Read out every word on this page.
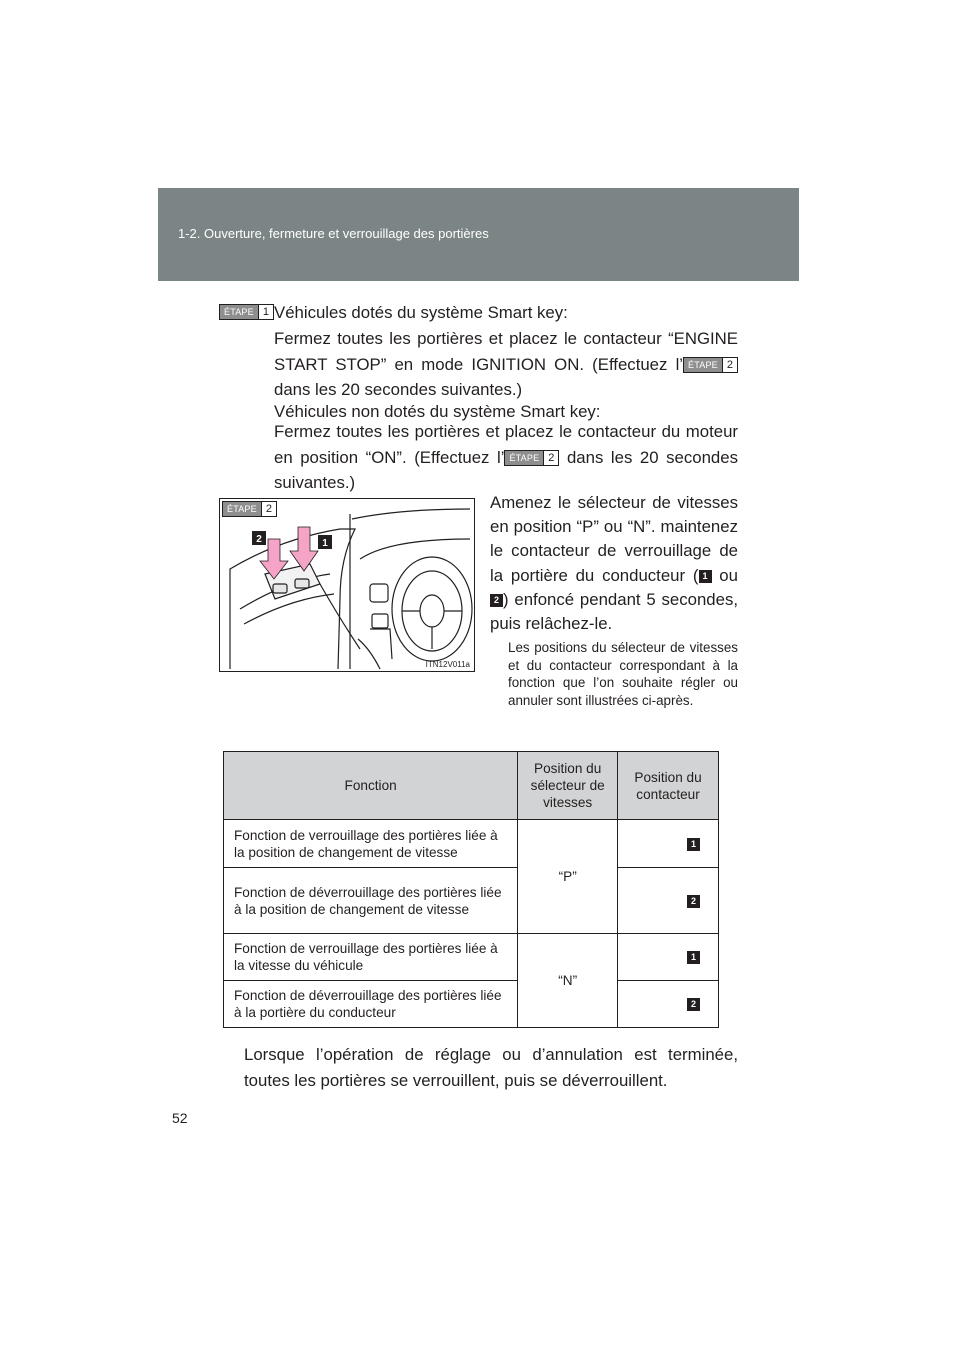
1-2. Ouverture, fermeture et verrouillage des portières
ÉTAPE 1 Véhicules dotés du système Smart key:
Fermez toutes les portières et placez le contacteur “ENGINE START STOP” en mode IGNITION ON. (Effectuez l’ ÉTAPE 2
dans les 20 secondes suivantes.)
Véhicules non dotés du système Smart key:
Fermez toutes les portières et placez le contacteur du moteur en position “ON”. (Effectuez l’ ÉTAPE 2 dans les 20 secondes suivantes.)
ÉTAPE 2
2	1
ITN12V011a
Amenez le sélecteur de vitesses en position “P” ou “N”. maintenez le contacteur de verrouillage de la portière du conducteur ( 1 ou 2 ) enfoncé pendant 5 secondes, puis relâchez-le.
Les positions du sélecteur de vitesses et du contacteur correspondant à la fonction que l’on souhaite régler ou annuler sont illustrées ci-après.
Fonction	Position du sélecteur de vitesses	Position du contacteur
Fonction de verrouillage des portières liée à la position de changement de vitesse	“P”	1
Fonction de déverrouillage des portières liée à la position de changement de vitesse		2
Fonction de verrouillage des portières liée à la vitesse du véhicule	“N”	1
Fonction de déverrouillage des portières liée à la portière du conducteur		2
Lorsque l’opération de réglage ou d’annulation est terminée, toutes les portières se verrouillent, puis se déverrouillent.
52
